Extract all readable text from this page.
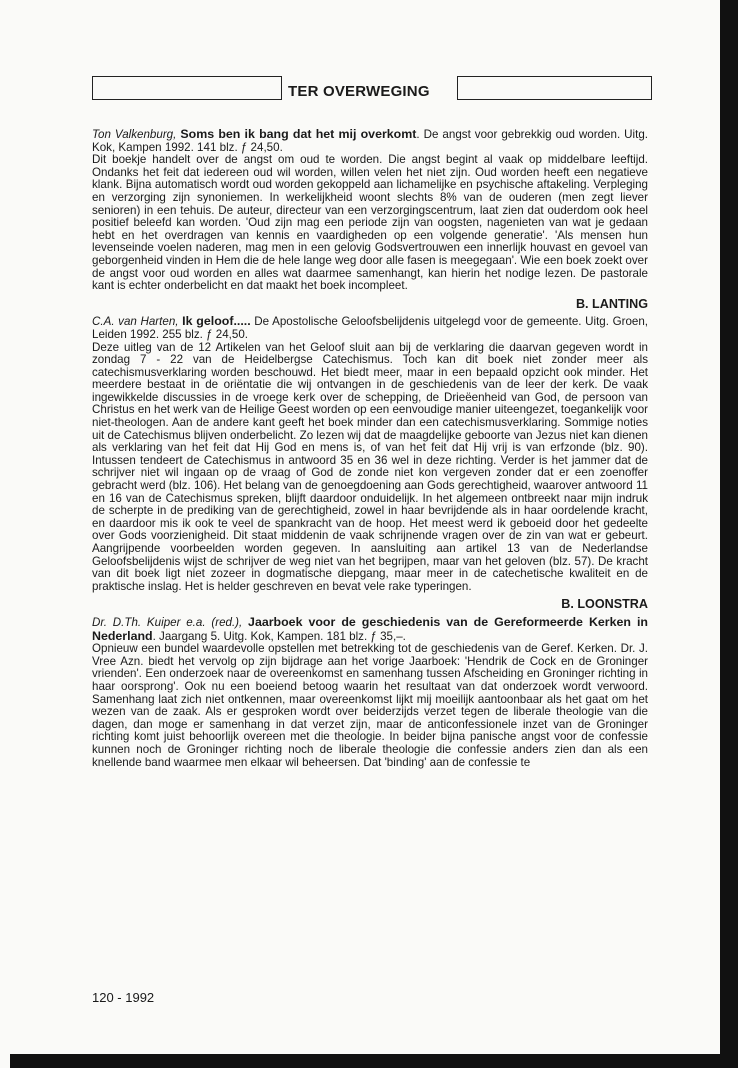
TER OVERWEGING

Ton Valkenburg, Soms ben ik bang dat het mij overkomt. De angst voor gebrekkig oud worden. Uitg. Kok, Kampen 1992. 141 blz. ƒ 24,50.

Dit boekje handelt over de angst om oud te worden. Die angst begint al vaak op middelbare leeftijd. Ondanks het feit dat iedereen oud wil worden, willen velen het niet zijn. Oud worden heeft een negatieve klank. Bijna automatisch wordt oud worden gekoppeld aan lichamelijke en psychische aftakeling. Verpleging en verzorging zijn synoniemen. In werkelijkheid woont slechts 8% van de ouderen (men zegt liever senioren) in een tehuis. De auteur, directeur van een verzorgingscentrum, laat zien dat ouderdom ook heel positief beleefd kan worden. 'Oud zijn mag een periode zijn van oogsten, nagenieten van wat je gedaan hebt en het overdragen van kennis en vaardigheden op een volgende generatie'. 'Als mensen hun levenseinde voelen naderen, mag men in een gelovig Godsvertrouwen een innerlijk houvast en gevoel van geborgenheid vinden in Hem die de hele lange weg door alle fasen is meegegaan'. Wie een boek zoekt over de angst voor oud worden en alles wat daarmee samenhangt, kan hierin het nodige lezen. De pastorale kant is echter onderbelicht en dat maakt het boek incompleet.

B. LANTING

C.A. van Harten, Ik geloof..... De Apostolische Geloofsbelijdenis uitgelegd voor de gemeente. Uitg. Groen, Leiden 1992. 255 blz. ƒ 24,50.

Deze uitleg van de 12 Artikelen van het Geloof sluit aan bij de verklaring die daarvan gegeven wordt in zondag 7 - 22 van de Heidelbergse Catechismus. Toch kan dit boek niet zonder meer als catechismusverklaring worden beschouwd. Het biedt meer, maar in een bepaald opzicht ook minder. Het meerdere bestaat in de oriëntatie die wij ontvangen in de geschiedenis van de leer der kerk. De vaak ingewikkelde discussies in de vroege kerk over de schepping, de Drieëenheid van God, de persoon van Christus en het werk van de Heilige Geest worden op een eenvoudige manier uiteengezet, toegankelijk voor niet-theologen. Aan de andere kant geeft het boek minder dan een catechismusverklaring. Sommige noties uit de Catechismus blijven onderbelicht. Zo lezen wij dat de maagdelijke geboorte van Jezus niet kan dienen als verklaring van het feit dat Hij God en mens is, of van het feit dat Hij vrij is van erfzonde (blz. 90). Intussen tendeert de Catechismus in antwoord 35 en 36 wel in deze richting. Verder is het jammer dat de schrijver niet wil ingaan op de vraag of God de zonde niet kon vergeven zonder dat er een zoenoffer gebracht werd (blz. 106). Het belang van de genoegdoening aan Gods gerechtigheid, waarover antwoord 11 en 16 van de Catechismus spreken, blijft daardoor onduidelijk. In het algemeen ontbreekt naar mijn indruk de scherpte in de prediking van de gerechtigheid, zowel in haar bevrijdende als in haar oordelende kracht, en daardoor mis ik ook te veel de spankracht van de hoop. Het meest werd ik geboeid door het gedeelte over Gods voorzienigheid. Dit staat middenin de vaak schrijnende vragen over de zin van wat er gebeurt. Aangrijpende voorbeelden worden gegeven. In aansluiting aan artikel 13 van de Nederlandse Geloofsbelijdenis wijst de schrijver de weg niet van het begrijpen, maar van het geloven (blz. 57). De kracht van dit boek ligt niet zozeer in dogmatische diepgang, maar meer in de catechetische kwaliteit en de praktische inslag. Het is helder geschreven en bevat vele rake typeringen.

B. LOONSTRA

Dr. D.Th. Kuiper e.a. (red.), Jaarboek voor de geschiedenis van de Gereformeerde Kerken in Nederland. Jaargang 5. Uitg. Kok, Kampen. 181 blz. ƒ 35,–.

Opnieuw een bundel waardevolle opstellen met betrekking tot de geschiedenis van de Geref. Kerken. Dr. J. Vree Azn. biedt het vervolg op zijn bijdrage aan het vorige Jaarboek: 'Hendrik de Cock en de Groninger vrienden'. Een onderzoek naar de overeenkomst en samenhang tussen Afscheiding en Groninger richting in haar oorsprong'. Ook nu een boeiend betoog waarin het resultaat van dat onderzoek wordt verwoord. Samenhang laat zich niet ontkennen, maar overeenkomst lijkt mij moeilijk aantoonbaar als het gaat om het wezen van de zaak. Als er gesproken wordt over beiderzijds verzet tegen de liberale theologie van die dagen, dan moge er samenhang in dat verzet zijn, maar de anticonfessionele inzet van de Groninger richting komt juist behoorlijk overeen met die theologie. In beider bijna panische angst voor de confessie kunnen noch de Groninger richting noch de liberale theologie die confessie anders zien dan als een knellende band waarmee men elkaar wil beheersen. Dat 'binding' aan de confessie te

120 - 1992
